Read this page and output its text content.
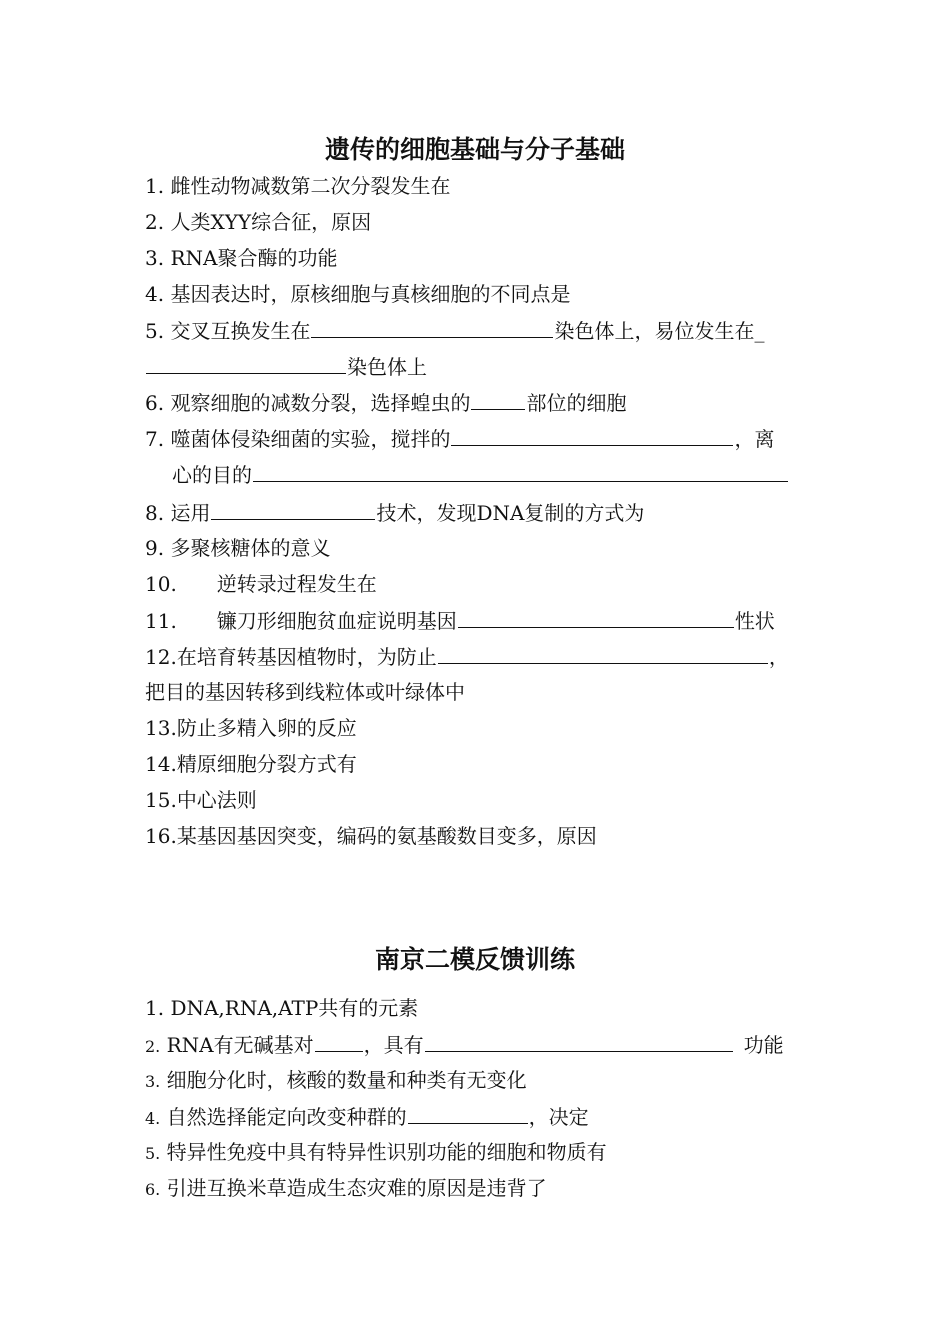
遗传的细胞基础与分子基础
1. 雌性动物减数第二次分裂发生在
2. 人类XYY综合征，原因
3. RNA聚合酶的功能
4. 基因表达时，原核细胞与真核细胞的不同点是
5. 交叉互换发生在	染色体上，易位发生在_
染色体上
6. 观察细胞的减数分裂，选择蝗虫的	部位的细胞
7. 噬菌体侵染细菌的实验，搅拌的	，离
心的目的
8. 运用	技术，发现DNA复制的方式为
9. 多聚核糖体的意义
10. 逆转录过程发生在
11. 镰刀形细胞贫血症说明基因	性状
12.在培育转基因植物时，为防止	，
把目的基因转移到线粒体或叶绿体中
13.防止多精入卵的反应
14.精原细胞分裂方式有
15.中心法则
16.某基因基因突变，编码的氨基酸数目变多，原因
南京二模反馈训练
1. DNA,RNA,ATP共有的元素
2. RNA有无碱基对	，具有	功能
3. 细胞分化时，核酸的数量和种类有无变化
4. 自然选择能定向改变种群的	，决定
5. 特异性免疫中具有特异性识别功能的细胞和物质有
6. 引进互换米草造成生态灾难的原因是违背了
